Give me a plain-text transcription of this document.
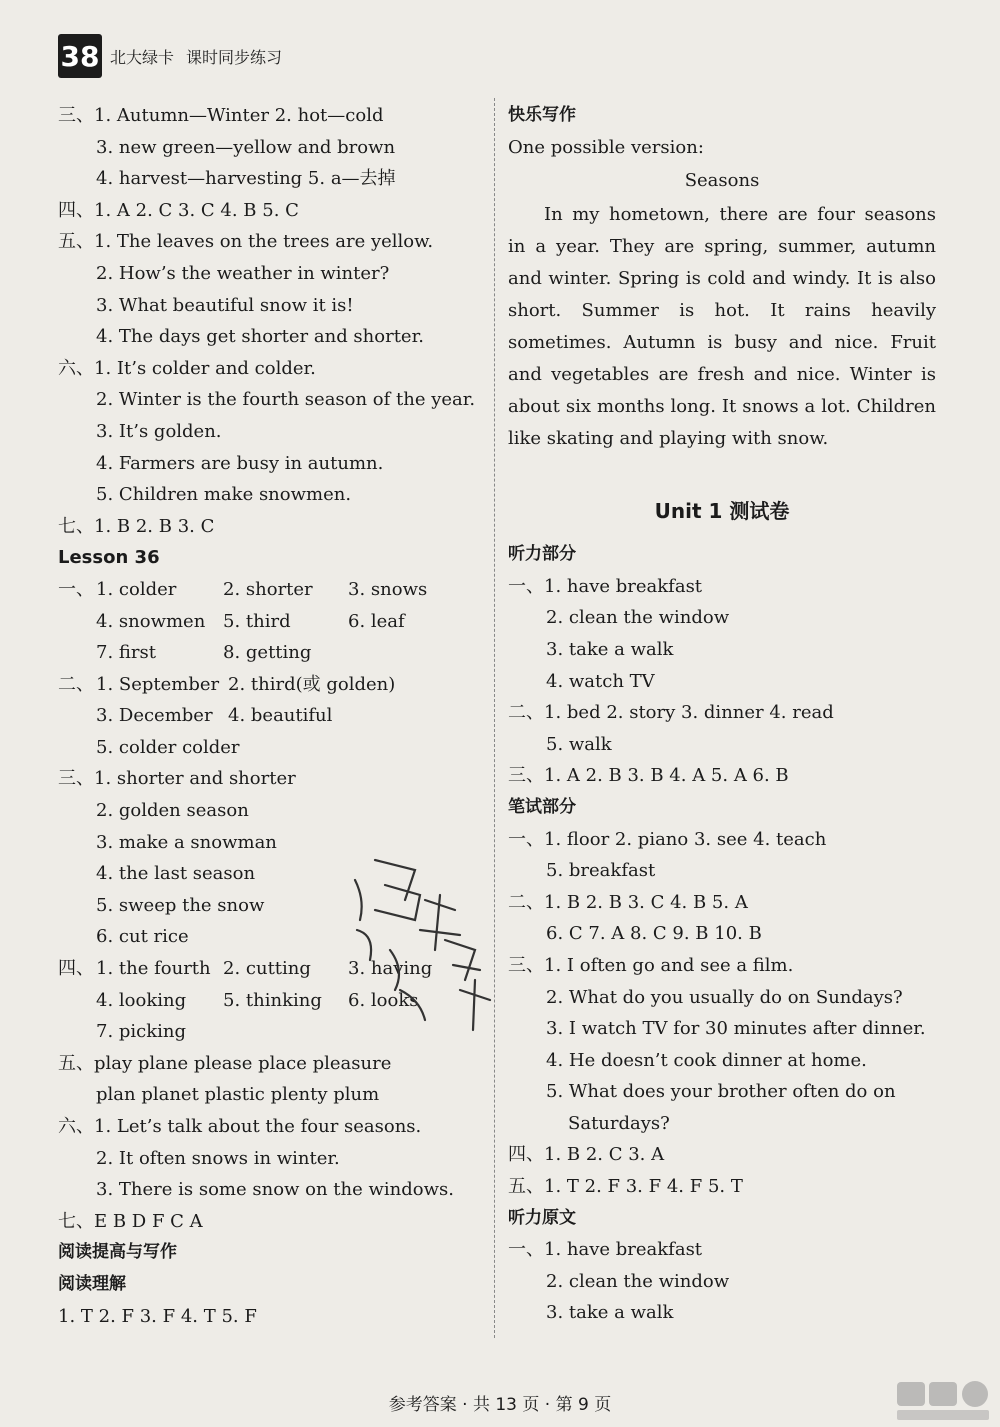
38 北大绿卡 课时同步练习
三、1. Autumn—Winter 2. hot—cold
3. new green—yellow and brown
4. harvest—harvesting 5. a—去掉
四、1. A 2. C 3. C 4. B 5. C
五、1. The leaves on the trees are yellow.
2. How’s the weather in winter?
3. What beautiful snow it is!
4. The days get shorter and shorter.
六、1. It’s colder and colder.
2. Winter is the fourth season of the year.
3. It’s golden.
4. Farmers are busy in autumn.
5. Children make snowmen.
七、1. B 2. B 3. C
Lesson 36
一、 1. colder	2. shorter 3. snows
4. snowmen 5. third	6. leaf
7. first	8. getting
二、 1. September 2. third(或 golden)
3. December 4. beautiful
5. colder colder
三、1. shorter and shorter
2. golden season
3. make a snowman
4. the last season
5. sweep the snow
6. cut rice
四、 1. the fourth 2. cutting 3. having
4. looking 5. thinking 6. looks
7. picking
五、play plane please place pleasure
plan planet plastic plenty plum
六、1. Let’s talk about the four seasons.
2. It often snows in winter.
3. There is some snow on the windows.
七、E B D F C A
阅读提高与写作
阅读理解
1. T 2. F 3. F 4. T 5. F
快乐写作
One possible version:
Seasons
In my hometown, there are four seasons in a year. They are spring, summer, autumn and winter. Spring is cold and windy. It is also short. Summer is hot. It rains heavily sometimes. Autumn is busy and nice. Fruit and vegetables are fresh and nice. Winter is about six months long. It snows a lot. Children like skating and playing with snow.
Unit 1 测试卷
听力部分
一、1. have breakfast
2. clean the window
3. take a walk
4. watch TV
二、1. bed 2. story 3. dinner 4. read
5. walk
三、1. A 2. B 3. B 4. A 5. A 6. B
笔试部分
一、1. floor 2. piano 3. see 4. teach
5. breakfast
二、1. B 2. B 3. C 4. B 5. A
6. C 7. A 8. C 9. B 10. B
三、1. I often go and see a film.
2. What do you usually do on Sundays?
3. I watch TV for 30 minutes after dinner.
4. He doesn’t cook dinner at home.
5. What does your brother often do on
Saturdays?
四、1. B 2. C 3. A
五、1. T 2. F 3. F 4. F 5. T
听力原文
一、1. have breakfast
2. clean the window
3. take a walk
参考答案 · 共 13 页 · 第 9 页
